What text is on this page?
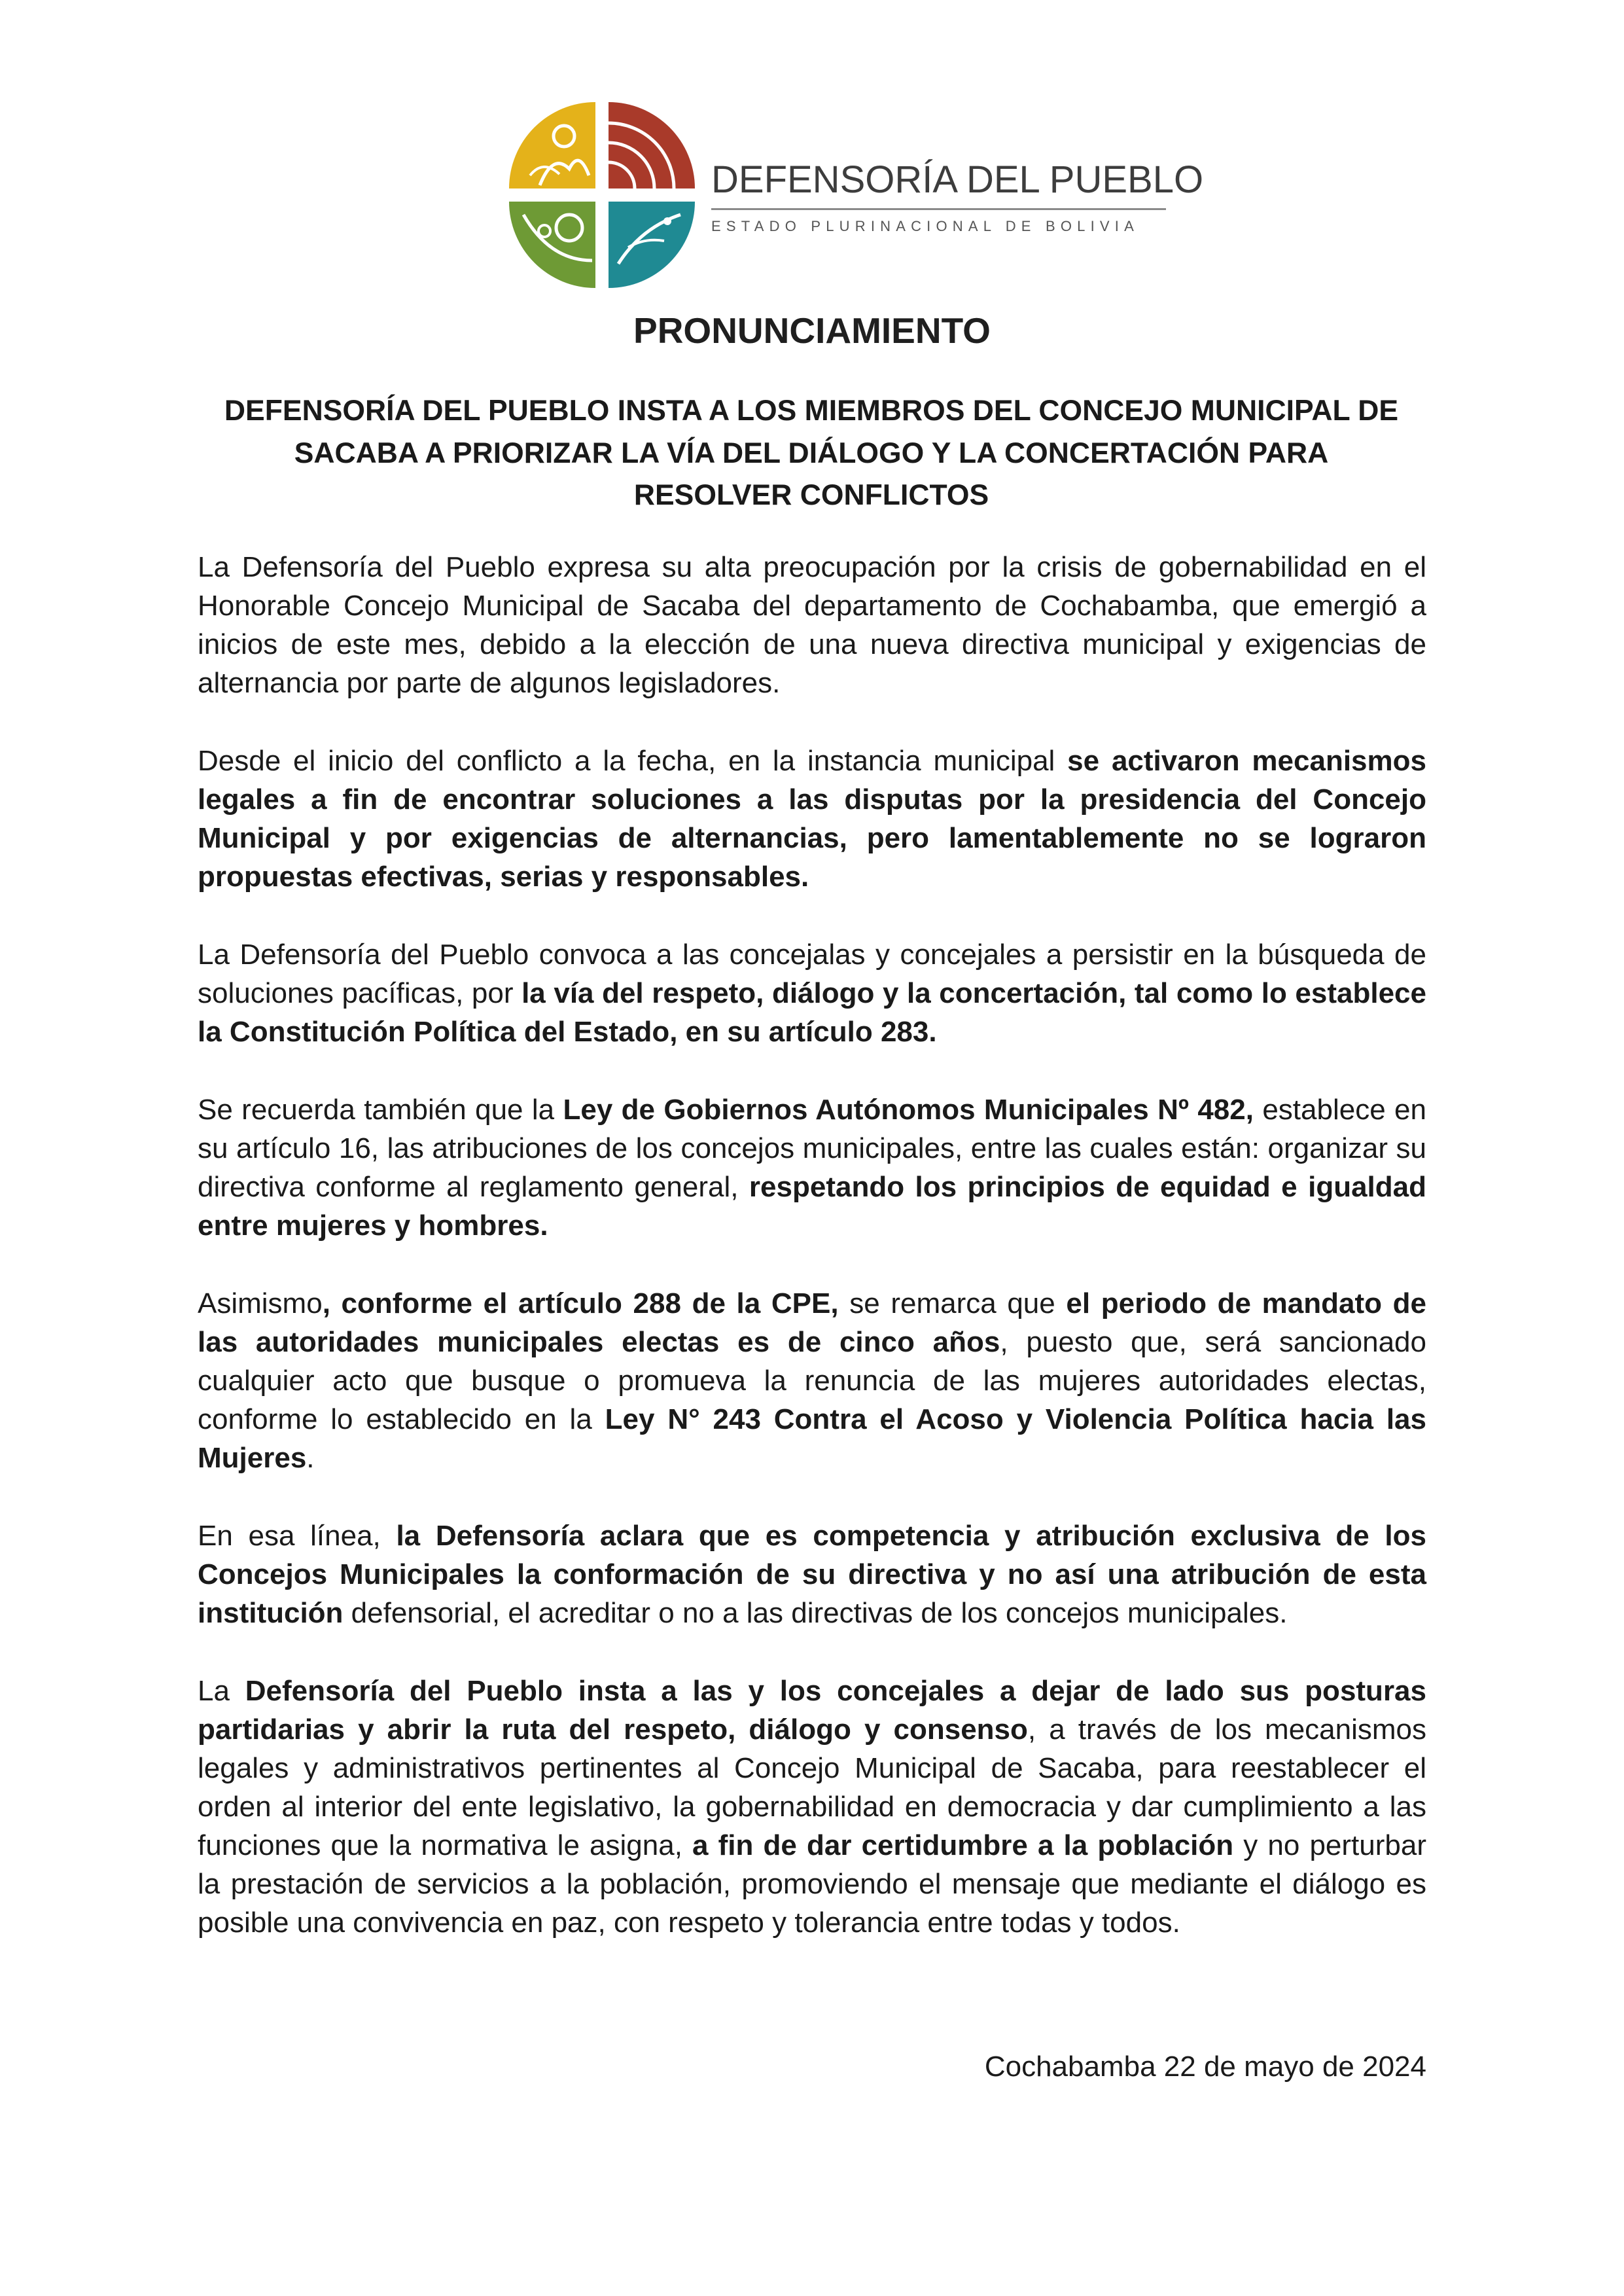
DEFENSORÍA DEL PUEBLO
ESTADO PLURINACIONAL DE BOLIVIA
PRONUNCIAMIENTO
DEFENSORÍA DEL PUEBLO INSTA A LOS MIEMBROS DEL CONCEJO MUNICIPAL DE
SACABA A PRIORIZAR LA VÍA DEL DIÁLOGO Y LA CONCERTACIÓN PARA
RESOLVER CONFLICTOS

La Defensoría del Pueblo expresa su alta preocupación por la crisis de gobernabilidad en el Honorable Concejo Municipal de Sacaba del departamento de Cochabamba, que emergió a inicios de este mes, debido a la elección de una nueva directiva municipal y exigencias de alternancia por parte de algunos legisladores.

Desde el inicio del conflicto a la fecha, en la instancia municipal se activaron mecanismos legales a fin de encontrar soluciones a las disputas por la presidencia del Concejo Municipal y por exigencias de alternancias, pero lamentablemente no se lograron propuestas efectivas, serias y responsables.

La Defensoría del Pueblo convoca a las concejalas y concejales a persistir en la búsqueda de soluciones pacíficas, por la vía del respeto, diálogo y la concertación, tal como lo establece la Constitución Política del Estado, en su artículo 283.

Se recuerda también que la Ley de Gobiernos Autónomos Municipales Nº 482, establece en su artículo 16, las atribuciones de los concejos municipales, entre las cuales están: organizar su directiva conforme al reglamento general, respetando los principios de equidad e igualdad entre mujeres y hombres.

Asimismo, conforme el artículo 288 de la CPE, se remarca que el periodo de mandato de las autoridades municipales electas es de cinco años, puesto que, será sancionado cualquier acto que busque o promueva la renuncia de las mujeres autoridades electas, conforme lo establecido en la Ley N° 243 Contra el Acoso y Violencia Política hacia las Mujeres.

En esa línea, la Defensoría aclara que es competencia y atribución exclusiva de los Concejos Municipales la conformación de su directiva y no así una atribución de esta institución defensorial, el acreditar o no a las directivas de los concejos municipales.

La Defensoría del Pueblo insta a las y los concejales a dejar de lado sus posturas partidarias y abrir la ruta del respeto, diálogo y consenso, a través de los mecanismos legales y administrativos pertinentes al Concejo Municipal de Sacaba, para reestablecer el orden al interior del ente legislativo, la gobernabilidad en democracia y dar cumplimiento a las funciones que la normativa le asigna, a fin de dar certidumbre a la población y no perturbar la prestación de servicios a la población, promoviendo el mensaje que mediante el diálogo es posible una convivencia en paz, con respeto y tolerancia entre todas y todos.

Cochabamba 22 de mayo de 2024
